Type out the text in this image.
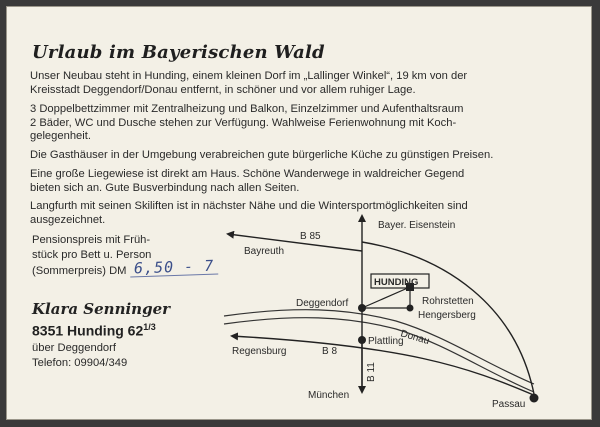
Urlaub im Bayerischen Wald
Unser Neubau steht in Hunding, einem kleinen Dorf im „Lallinger Winkel“, 19 km von der
Kreisstadt Deggendorf/Donau entfernt, in schöner und vor allem ruhiger Lage.
3 Doppelbettzimmer mit Zentralheizung und Balkon, Einzelzimmer und Aufenthaltsraum
2 Bäder, WC und Dusche stehen zur Verfügung. Wahlweise Ferienwohnung mit Koch-
gelegenheit.
Die Gasthäuser in der Umgebung verabreichen gute bürgerliche Küche zu günstigen Preisen.
Eine große Liegewiese ist direkt am Haus. Schöne Wanderwege in waldreicher Gegend
bieten sich an. Gute Busverbindung nach allen Seiten.
Langfurth mit seinen Skiliften ist in nächster Nähe und die Wintersportmöglichkeiten sind
ausgezeichnet.
Pensionspreis mit Früh-
stück pro Bett u. Person
(Sommerpreis) DM 6,50 - 7
Klara Senninger
8351 Hunding $62^{1/3}$
über Deggendorf
Telefon: 09904/349
Bayer. Eisenstein
B 85
Bayreuth
HUNDING
Deggendorf	Rohrstetten
Hengersberg
Donau
Plattling
Regensburg	B 8
B 11
München
Passau
